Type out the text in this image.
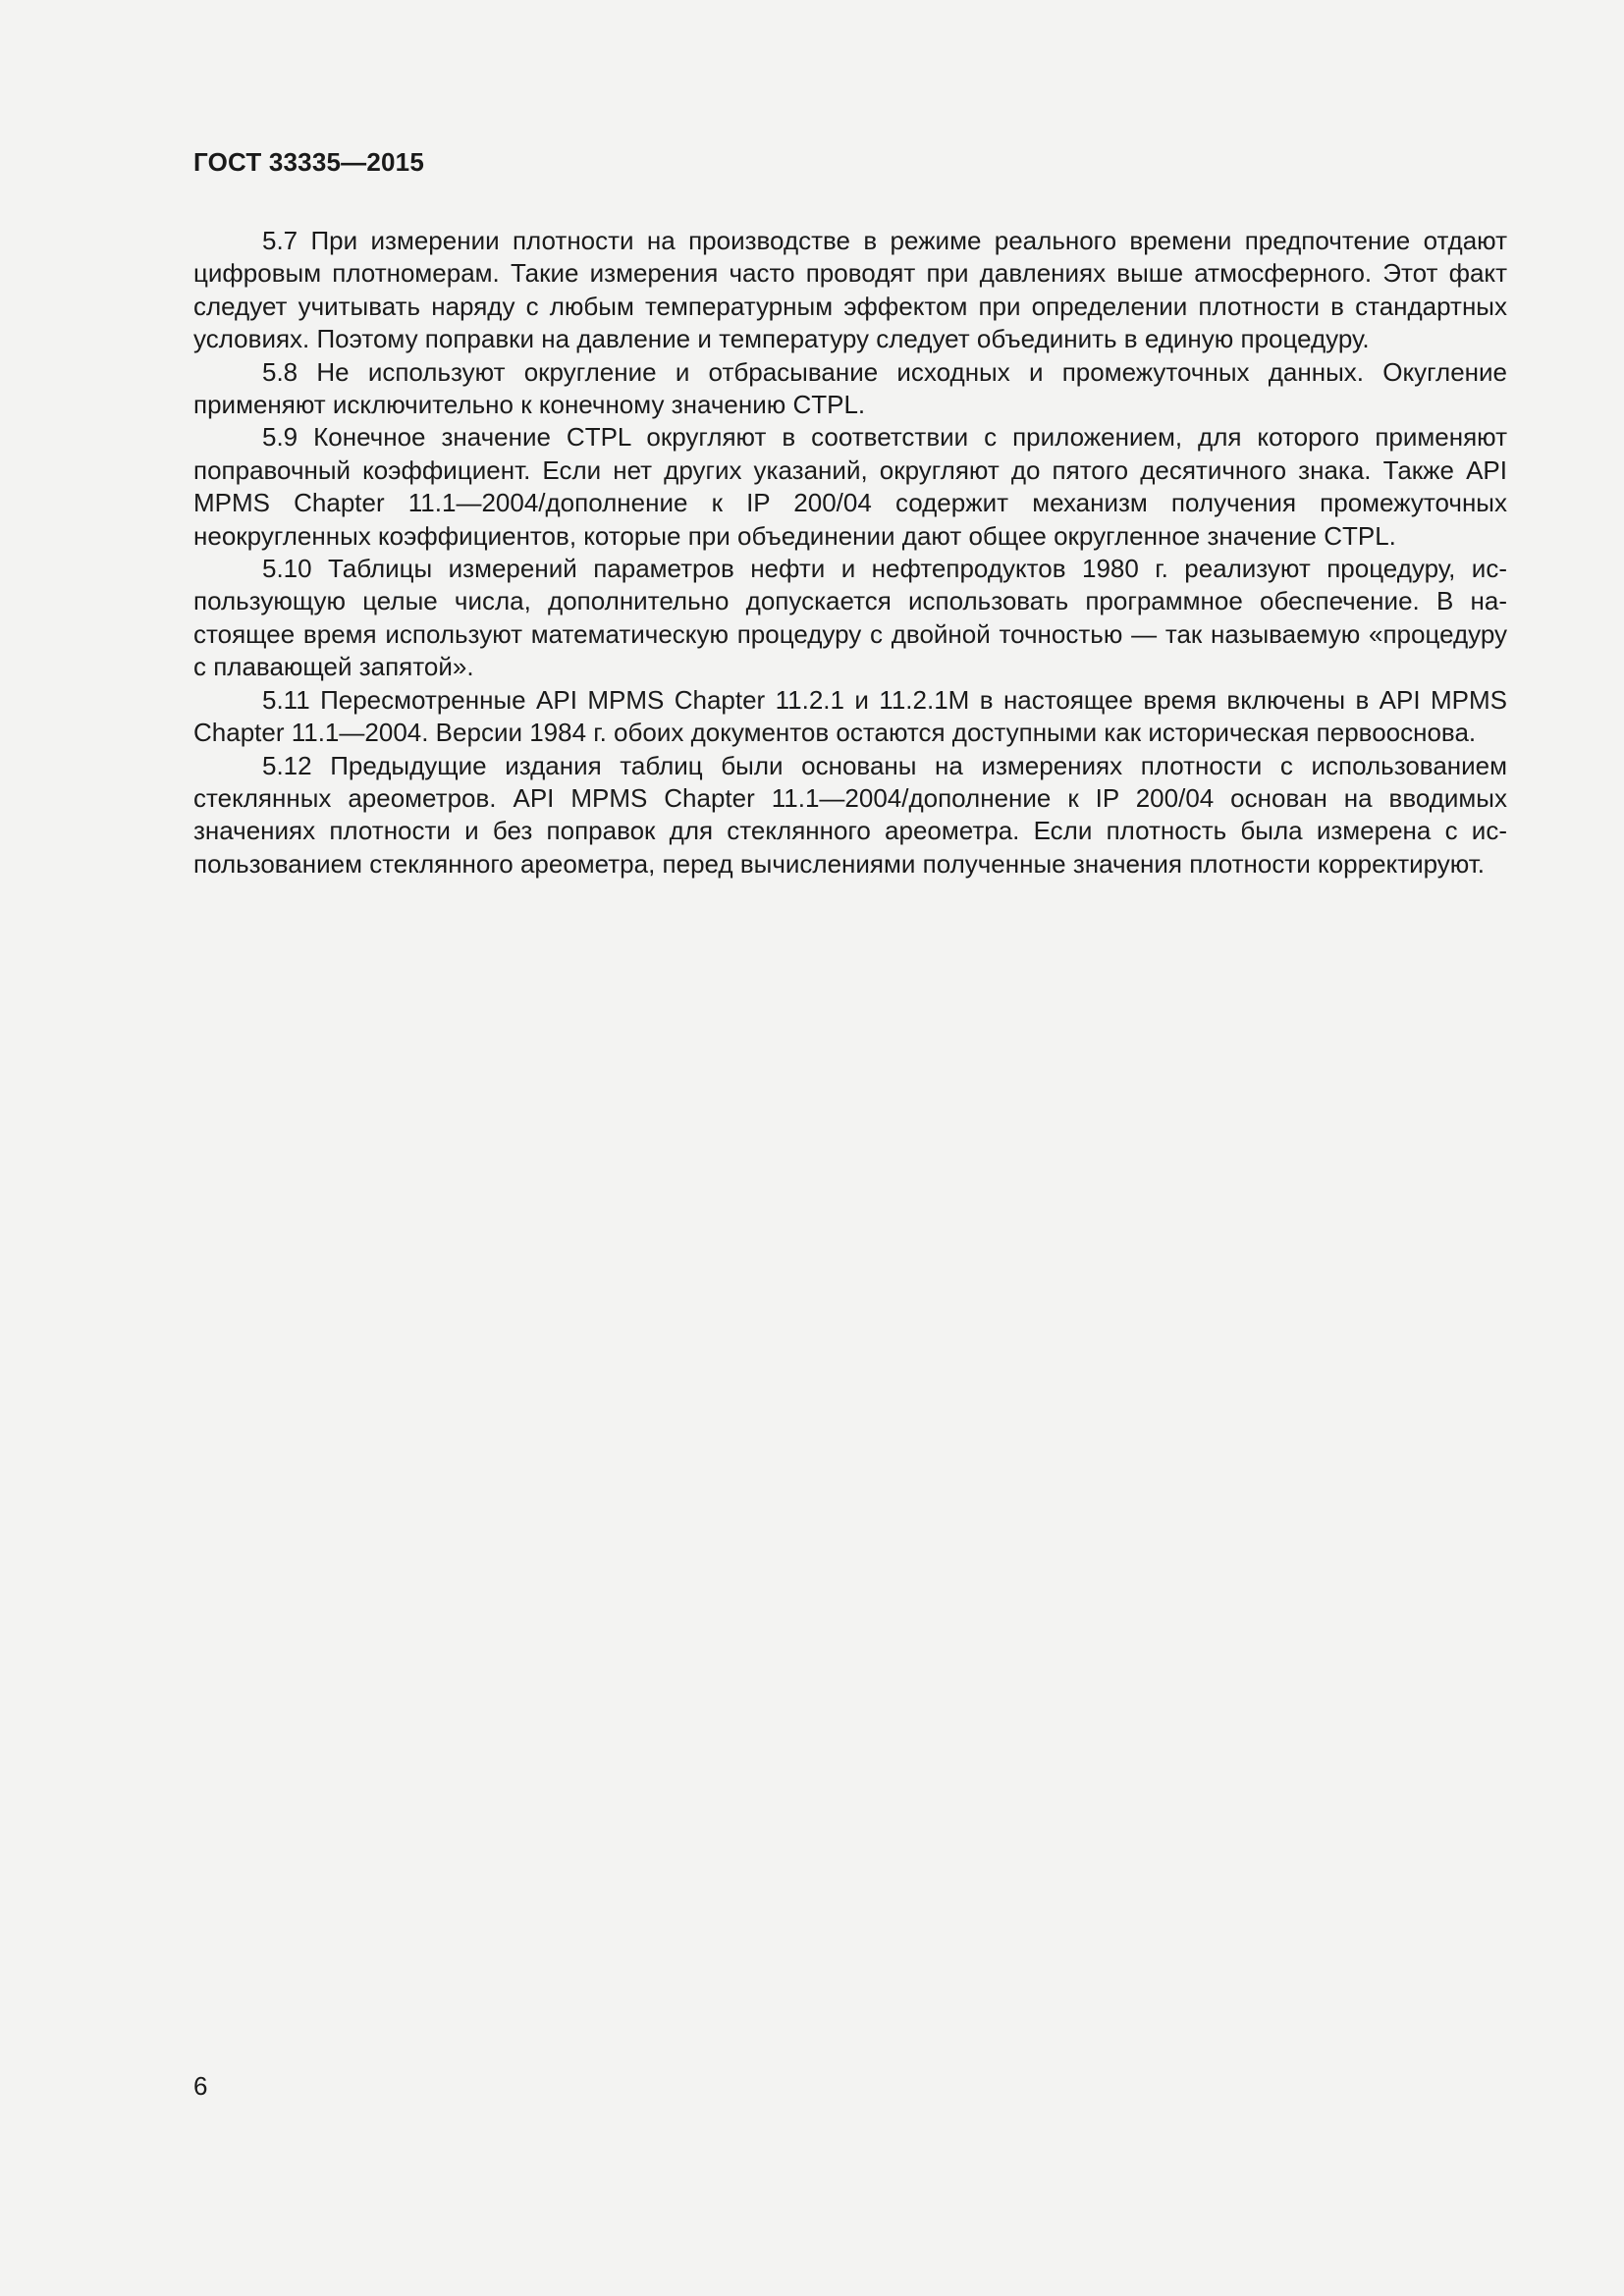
ГОСТ 33335—2015

5.7 При измерении плотности на производстве в режиме реального времени предпочтение отдают цифровым плотномерам. Такие измерения часто проводят при давлениях выше атмосферного. Этот факт следует учитывать наряду с любым температурным эффектом при определении плотности в стандартных условиях. Поэтому поправки на давление и температуру следует объединить в единую процедуру.

5.8 Не используют округление и отбрасывание исходных и промежуточных данных. Окугление применяют исключительно к конечному значению CTPL.

5.9 Конечное значение CTPL округляют в соответствии с приложением, для которого применяют поправочный коэффициент. Если нет других указаний, округляют до пятого десятичного знака. Также API MPMS Chapter 11.1—2004/дополнение к IP 200/04 содержит механизм получения промежуточных неокругленных коэффициентов, которые при объединении дают общее округленное значение CTPL.

5.10 Таблицы измерений параметров нефти и нефтепродуктов 1980 г. реализуют процедуру, использующую целые числа, дополнительно допускается использовать программное обеспечение. В настоящее время используют математическую процедуру с двойной точностью — так называемую «процедуру с плавающей запятой».

5.11 Пересмотренные API MPMS Chapter 11.2.1 и 11.2.1M в настоящее время включены в API MPMS Chapter 11.1—2004. Версии 1984 г. обоих документов остаются доступными как историческая первооснова.

5.12 Предыдущие издания таблиц были основаны на измерениях плотности с использованием стеклянных ареометров. API MPMS Chapter 11.1—2004/дополнение к IP 200/04 основан на вводимых значениях плотности и без поправок для стеклянного ареометра. Если плотность была измерена с использованием стеклянного ареометра, перед вычислениями полученные значения плотности корректируют.

6
